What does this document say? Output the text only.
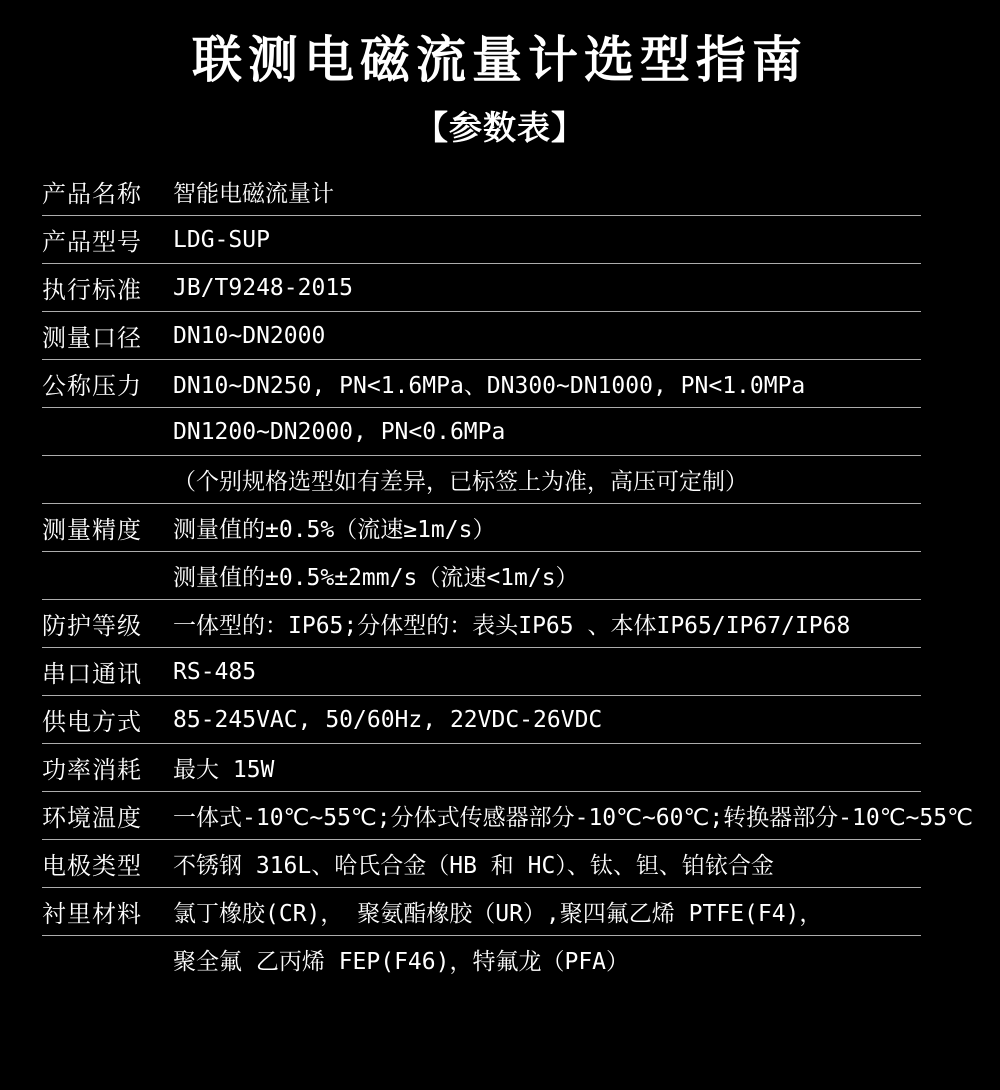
联测电磁流量计选型指南
【参数表】
产品名称	智能电磁流量计
产品型号	LDG-SUP
执行标准	JB/T9248-2015
测量口径	DN10~DN2000
公称压力	DN10~DN250, PN<1.6MPa、DN300~DN1000, PN<1.0MPa
DN1200~DN2000, PN<0.6MPa
（个别规格选型如有差异，已标签上为准，高压可定制）
测量精度	测量值的±0.5%（流速≥1m/s）
测量值的±0.5%±2mm/s（流速<1m/s）
防护等级	一体型的：IP65;分体型的：表头IP65 、本体IP65/IP67/IP68
串口通讯	RS-485
供电方式	85-245VAC, 50/60Hz, 22VDC-26VDC
功率消耗	最大 15W
环境温度	一体式-10℃~55℃;分体式传感器部分-10℃~60℃;转换器部分-10℃~55℃
电极类型	不锈钢 316L、哈氏合金（HB 和 HC）、钛、钽、铂铱合金
衬里材料	氯丁橡胶(CR)， 聚氨酯橡胶（UR）,聚四氟乙烯 PTFE(F4)，
聚全氟 乙丙烯 FEP(F46)，特氟龙（PFA）
